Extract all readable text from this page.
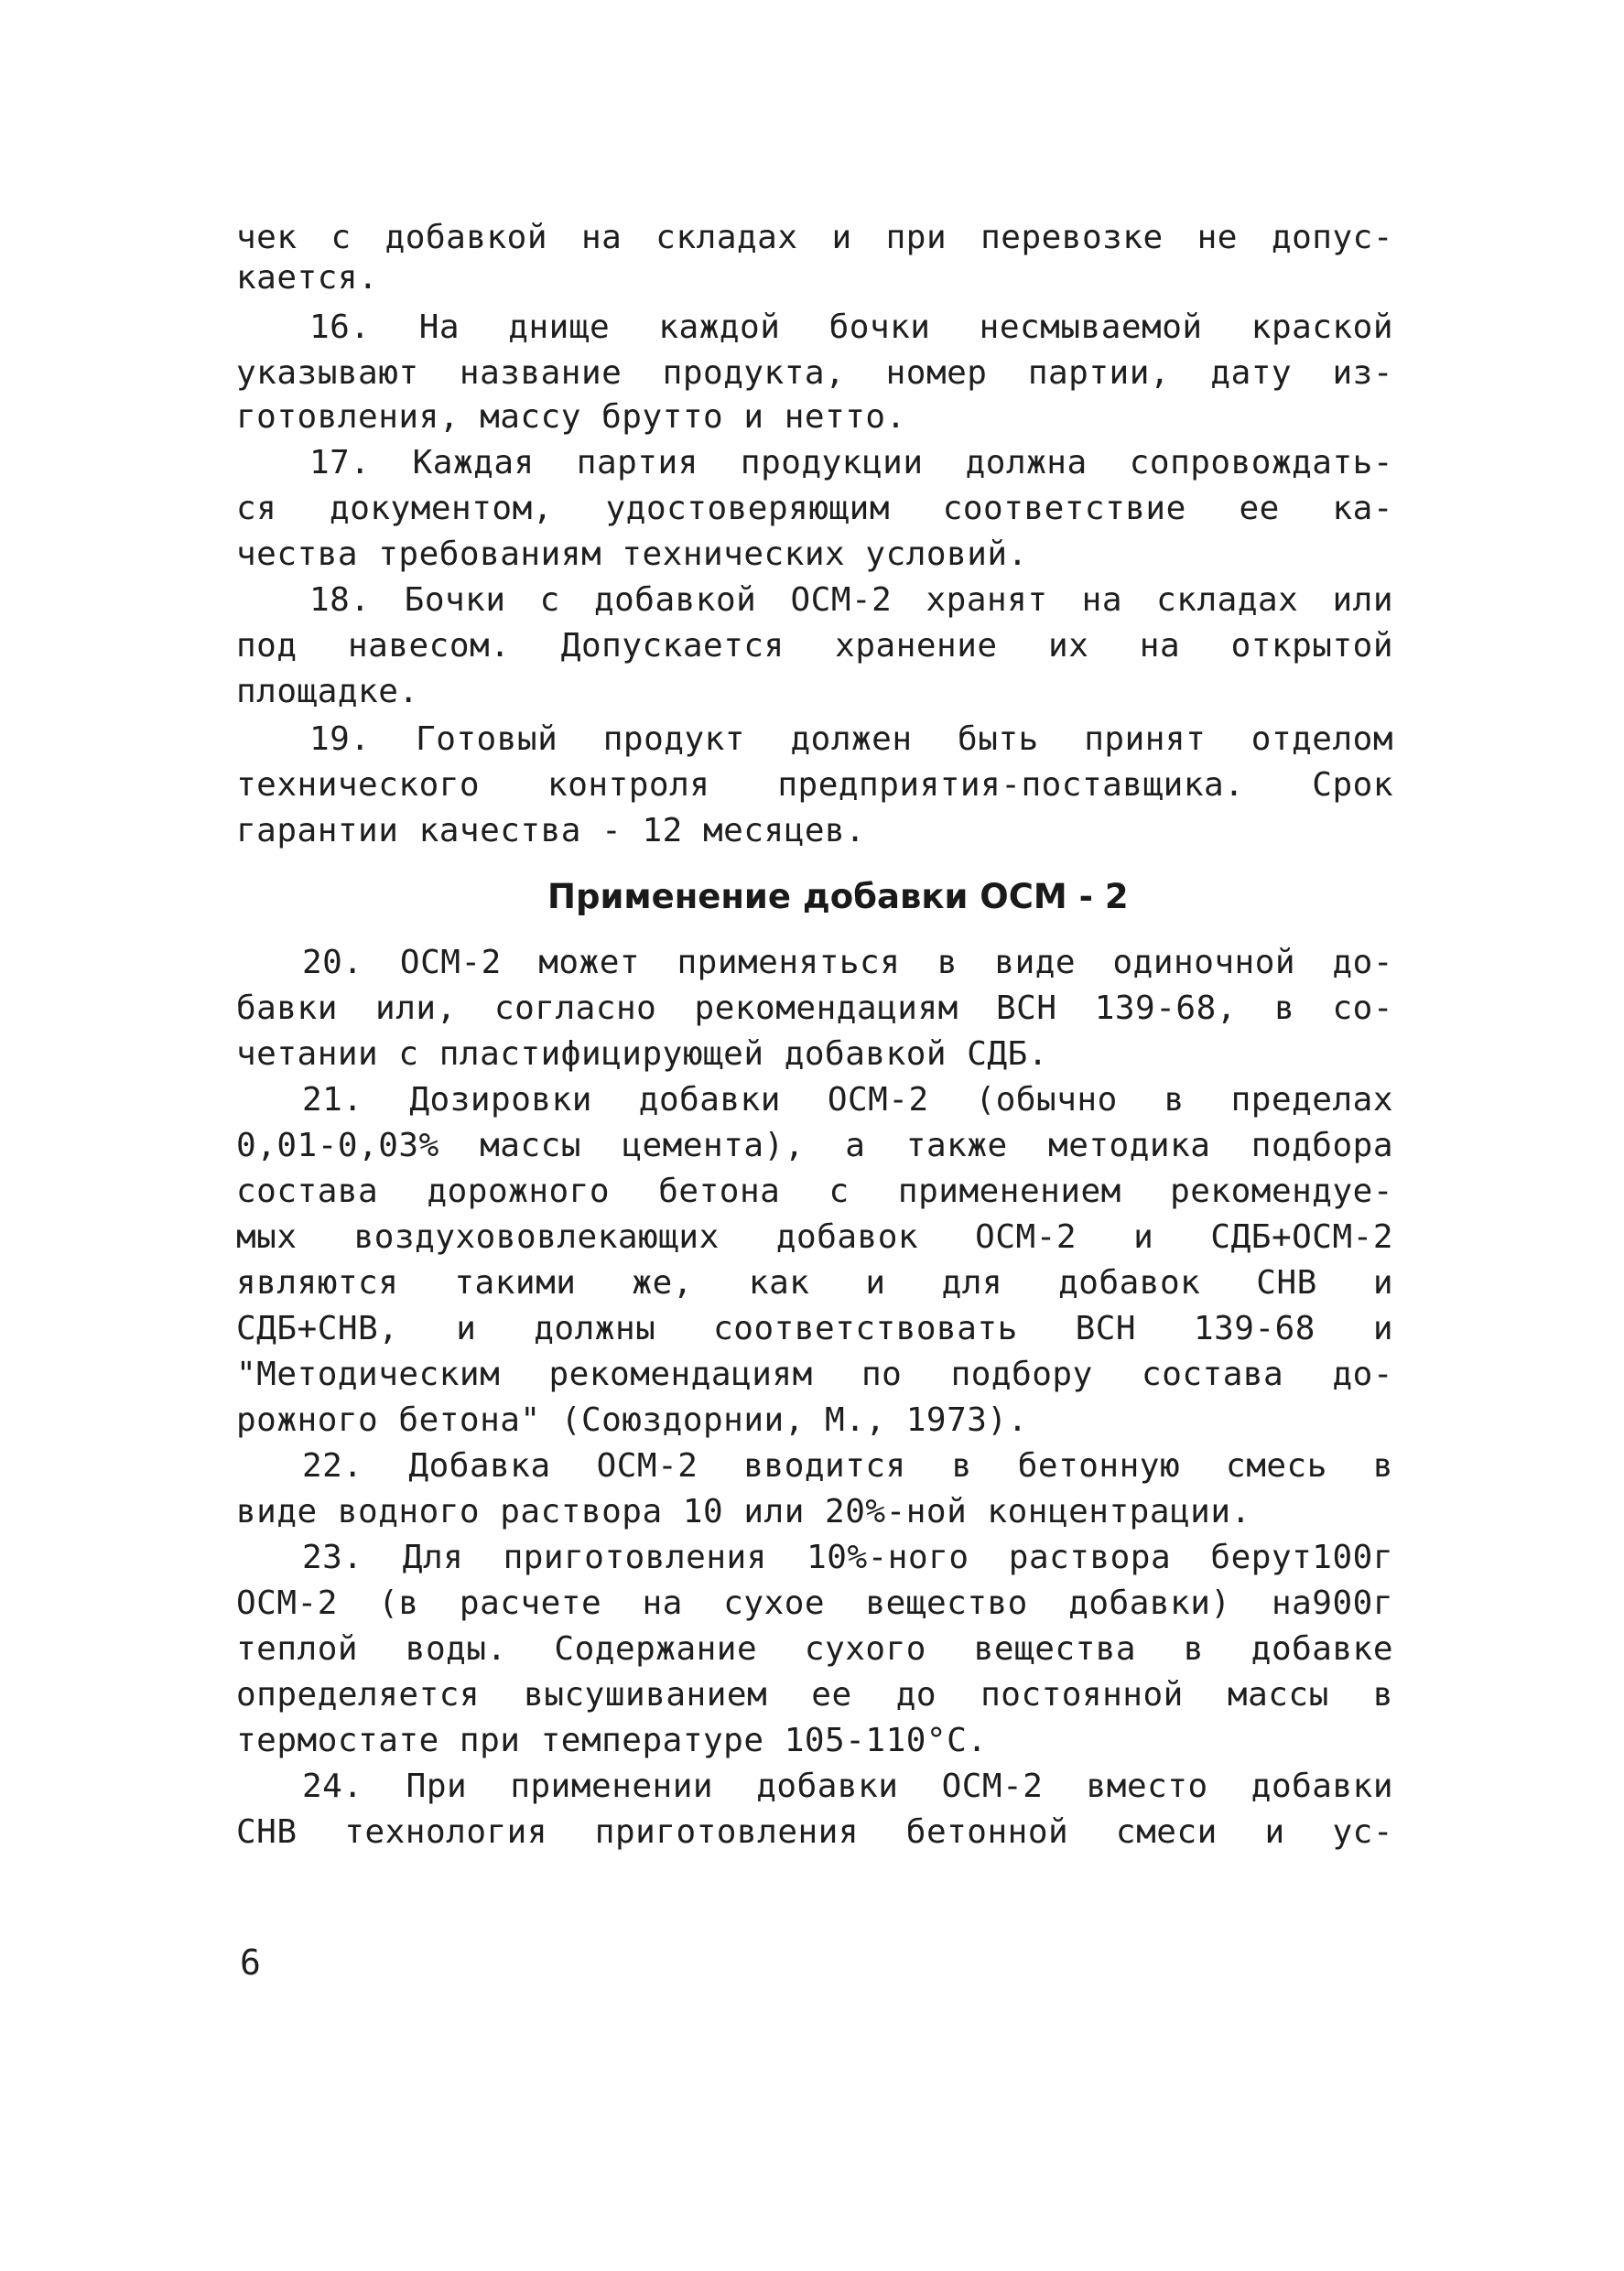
чек с добавкой на складах и при перевозке не допус-
кается.
16. На днище каждой бочки несмываемой краской
указывают название продукта, номер партии, дату из-
готовления, массу брутто и нетто.
17. Каждая партия продукции должна сопровождать-
ся документом, удостоверяющим соответствие ее ка-
чества требованиям технических условий.
18. Бочки с добавкой ОСМ-2 хранят на складах или
под навесом. Допускается хранение их на открытой
площадке.
19. Готовый продукт должен быть принят отделом
технического контроля предприятия-поставщика. Срок
гарантии качества - 12 месяцев.
Применение добавки ОСМ - 2
20. ОСМ-2 может применяться в виде одиночной до-
бавки или, согласно рекомендациям ВСН 139-68, в со-
четании с пластифицирующей добавкой СДБ.
21. Дозировки добавки ОСМ-2 (обычно в пределах
0,01-0,03% массы цемента), а также методика подбора
состава дорожного бетона с применением рекомендуе-
мых воздухововлекающих добавок ОСМ-2 и СДБ+ОСМ-2
являются такими же, как и для добавок СНВ и
СДБ+СНВ, и должны соответствовать ВСН 139-68 и
"Методическим рекомендациям по подбору состава до-
рожного бетона" (Союздорнии, М., 1973).
22. Добавка ОСМ-2 вводится в бетонную смесь в
виде водного раствора 10 или 20%-ной концентрации.
23. Для приготовления 10%-ного раствора берут100г
ОСМ-2 (в расчете на сухое вещество добавки) на900г
теплой воды. Содержание сухого вещества в добавке
определяется высушиванием ее до постоянной массы в
термостате при температуре 105-110°С.
24. При применении добавки ОСМ-2 вместо добавки
СНВ технология приготовления бетонной смеси и ус-
6
